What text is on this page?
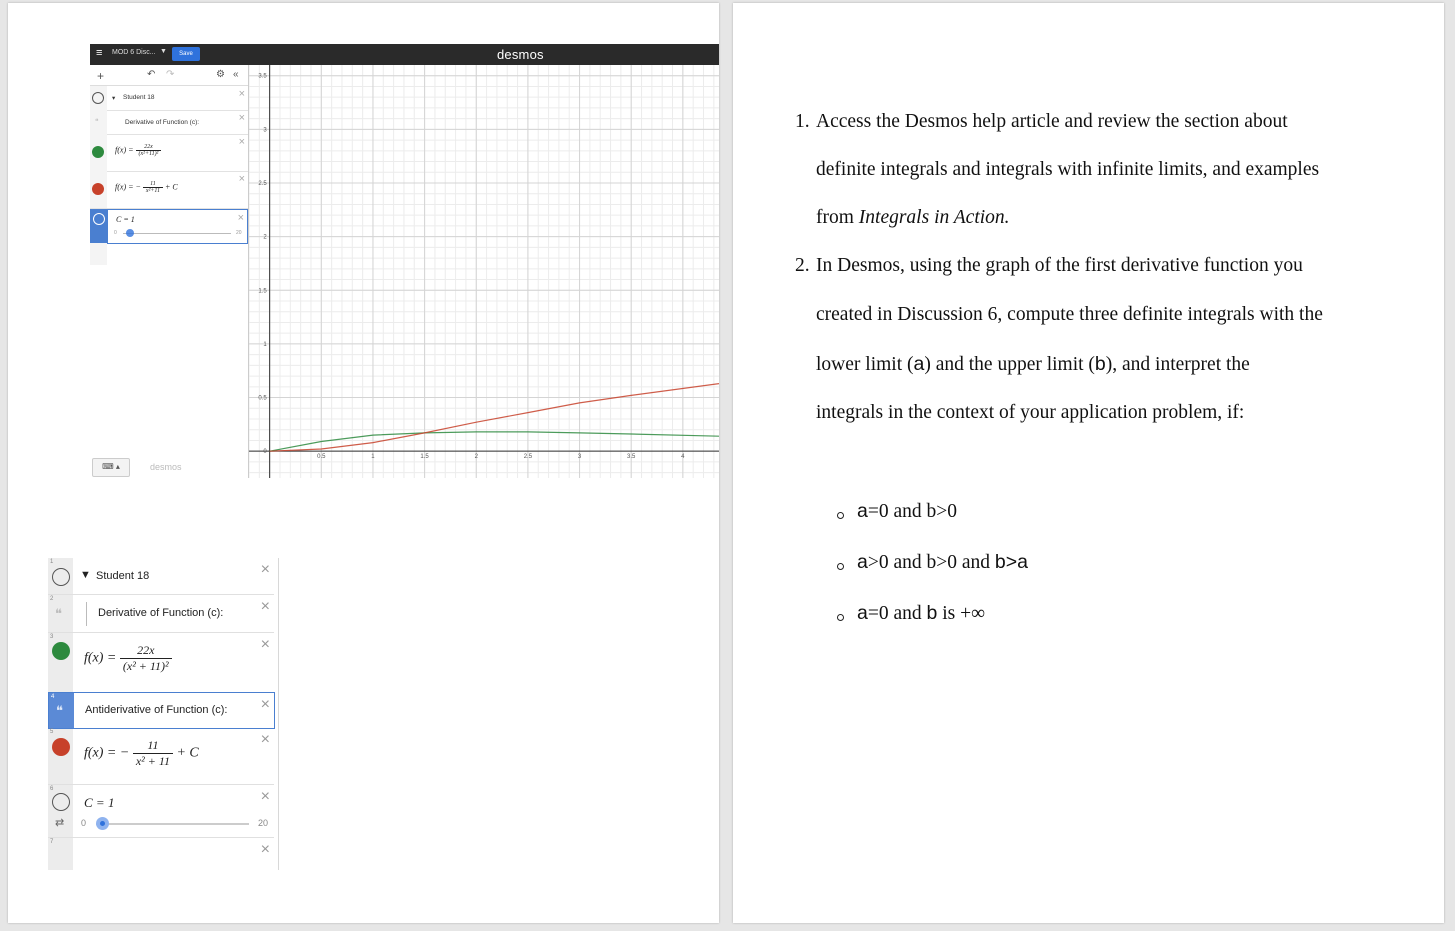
≡ MOD 6 Disc... ▼	Save	desmos
+	↶ ↷	⚙ «
▾ Student 18	×
❝	Derivative of Function (c):	×
$f(x) = \frac{22x}{\text{(x²+11)²}}$
×
f(x) = − $\frac{11}{\text{x²+11}} + C$
×
C = 1
0	20
×
⌨ ▴	desmos
3.5
3
2.5
2
1.5
1
0.5
0
0.5	1	1.5	2	2.5	3	3.5	4
1
▼ Student 18	×
2
❝	Derivative of Function (c): ×
3
$f(x) = \frac{22x}{\text{(x² + 11)²}}$	×
4
❝ Antiderivative of Function (c): ×
5
f(x) = − $\frac{11}{\text{x² + 11}} + C$
×
6
⇄
C = 1
0	20
×
7	×
1. Access the Desmos help article and review the section about
definite integrals and integrals with infinite limits, and examples
from Integrals in Action.
2. In Desmos, using the graph of the first derivative function you
created in Discussion 6, compute three definite integrals with the
lower limit (a) and the upper limit (b), and interpret the
integrals in the context of your application problem, if:
a=0 and b>0
a>0 and b>0 and b>a
a=0 and b is +∞
